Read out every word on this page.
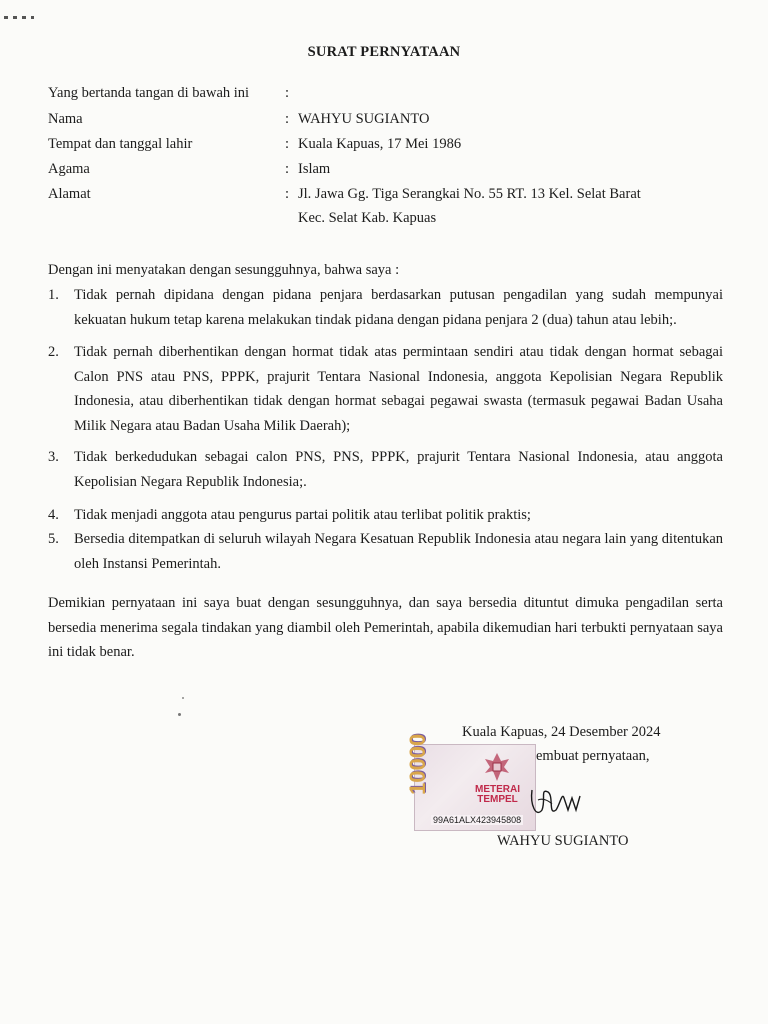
SURAT PERNYATAAN
Yang bertanda tangan di bawah ini :
Nama	: WAHYU SUGIANTO
Tempat dan tanggal lahir	: Kuala Kapuas, 17 Mei 1986
Agama	: Islam
Alamat	: Jl. Jawa Gg. Tiga Serangkai No. 55 RT. 13 Kel. Selat Barat
Kec. Selat Kab. Kapuas
Dengan ini menyatakan dengan sesungguhnya, bahwa saya :
1. Tidak pernah dipidana dengan pidana penjara berdasarkan putusan pengadilan yang sudah mempunyai kekuatan hukum tetap karena melakukan tindak pidana dengan pidana penjara 2 (dua) tahun atau lebih;.
2. Tidak pernah diberhentikan dengan hormat tidak atas permintaan sendiri atau tidak dengan hormat sebagai Calon PNS atau PNS, PPPK, prajurit Tentara Nasional Indonesia, anggota Kepolisian Negara Republik Indonesia, atau diberhentikan tidak dengan hormat sebagai pegawai swasta (termasuk pegawai Badan Usaha Milik Negara atau Badan Usaha Milik Daerah);
3. Tidak berkedudukan sebagai calon PNS, PNS, PPPK, prajurit Tentara Nasional Indonesia, atau anggota Kepolisian Negara Republik Indonesia;.
4. Tidak menjadi anggota atau pengurus partai politik atau terlibat politik praktis;
5. Bersedia ditempatkan di seluruh wilayah Negara Kesatuan Republik Indonesia atau negara lain yang ditentukan oleh Instansi Pemerintah.
Demikian pernyataan ini saya buat dengan sesungguhnya, dan saya bersedia dituntut dimuka pengadilan serta bersedia menerima segala tindakan yang diambil oleh Pemerintah, apabila dikemudian hari terbukti pernyataan saya ini tidak benar.
Kuala Kapuas, 24 Desember 2024
embuat pernyataan,
10000	METERAI
TEMPEL
99A61ALX423945808
WAHYU SUGIANTO
